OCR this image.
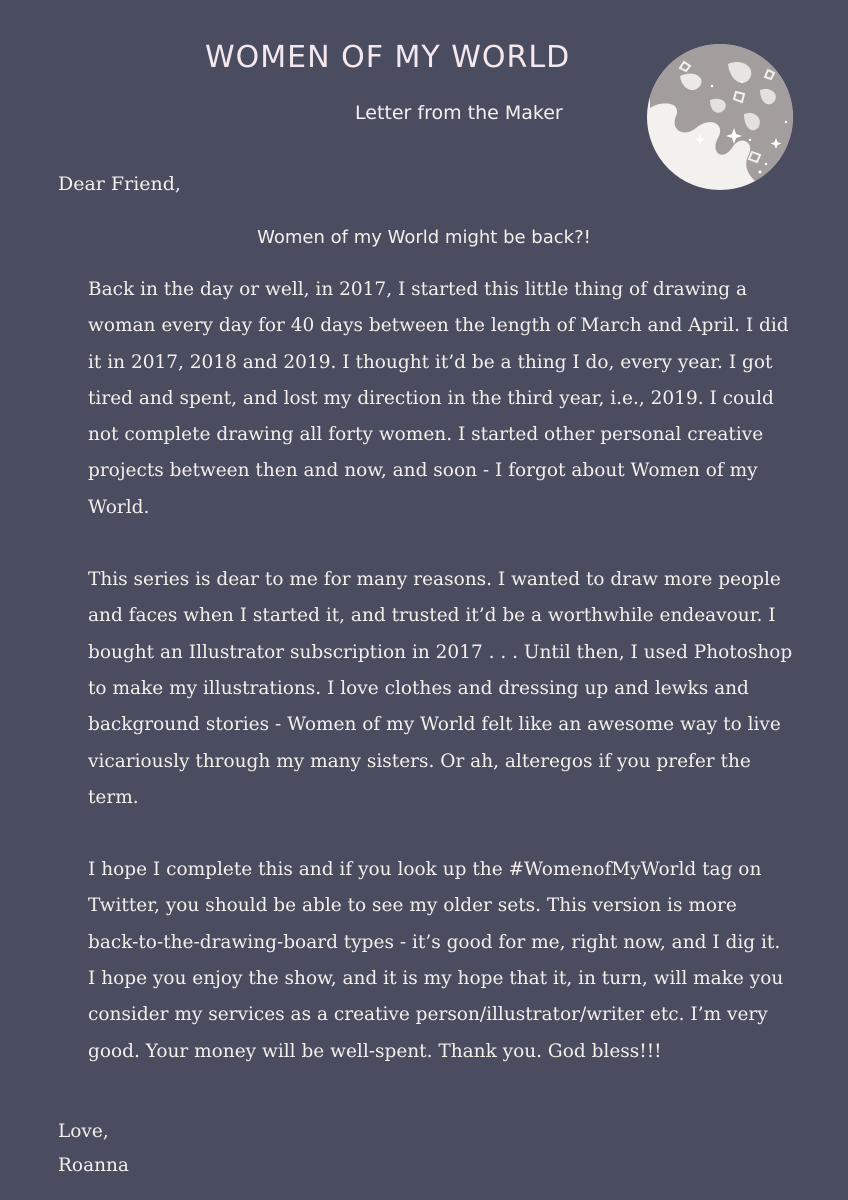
WOMEN OF MY WORLD
Letter from the Maker
Dear Friend,
Women of my World might be back?!

Back in the day or well, in 2017, I started this little thing of drawing a woman every day for 40 days between the length of March and April. I did it in 2017, 2018 and 2019. I thought it’d be a thing I do, every year. I got tired and spent, and lost my direction in the third year, i.e., 2019. I could not complete drawing all forty women. I started other personal creative projects between then and now, and soon - I forgot about Women of my World.

This series is dear to me for many reasons. I wanted to draw more people and faces when I started it, and trusted it’d be a worthwhile endeavour. I bought an Illustrator subscription in 2017 . . . Until then, I used Photoshop to make my illustrations. I love clothes and dressing up and lewks and background stories - Women of my World felt like an awesome way to live vicariously through my many sisters. Or ah, alteregos if you prefer the term.

I hope I complete this and if you look up the #WomenofMyWorld tag on Twitter, you should be able to see my older sets. This version is more back-to-the-drawing-board types - it’s good for me, right now, and I dig it. I hope you enjoy the show, and it is my hope that it, in turn, will make you consider my services as a creative person/illustrator/writer etc. I’m very good. Your money will be well-spent. Thank you. God bless!!!

Love,
Roanna
